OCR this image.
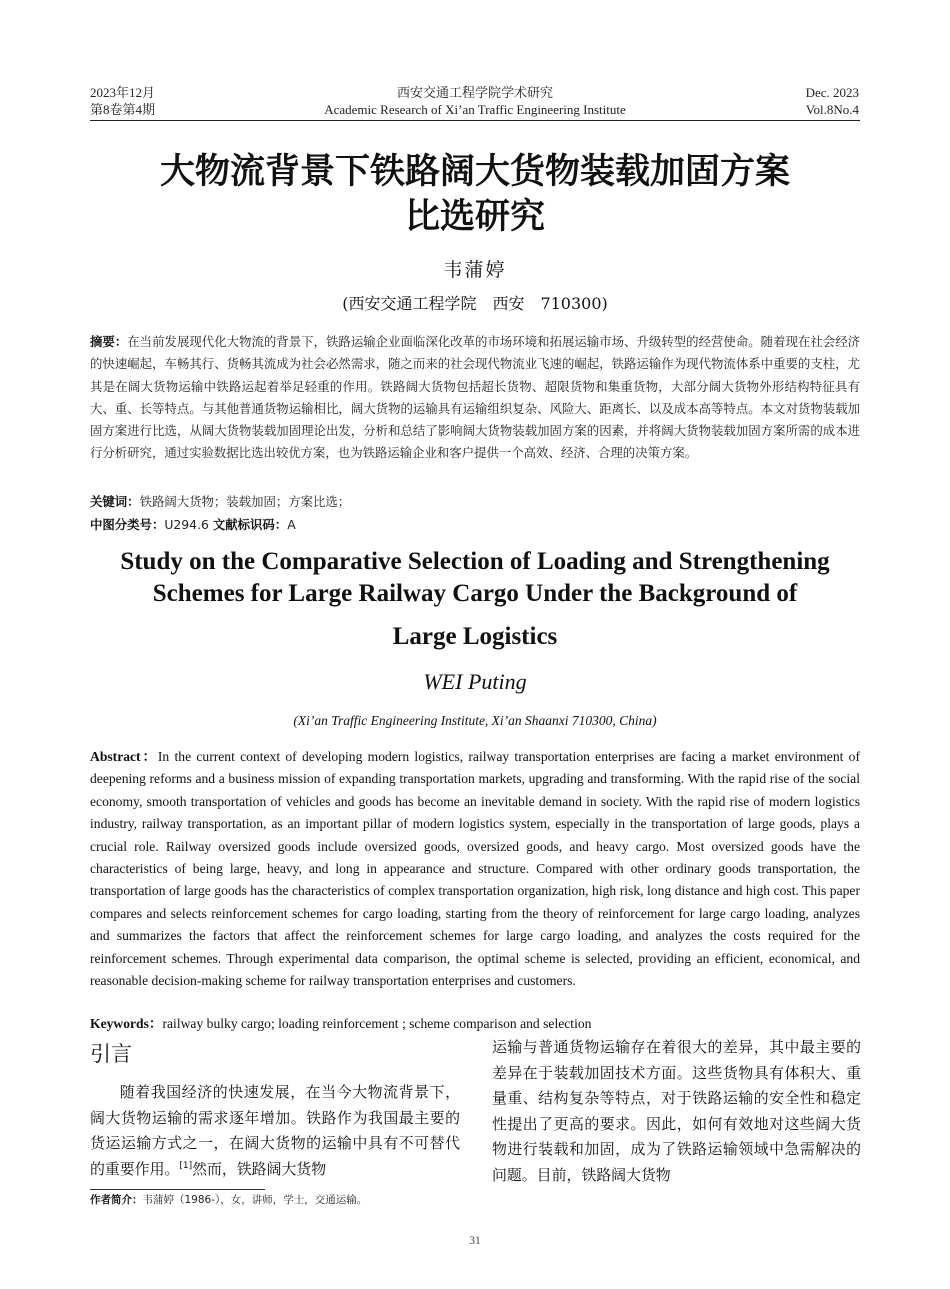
2023年12月
第8卷第4期
西安交通工程学院学术研究
Academic Research of Xi’an Traffic Engineering Institute
Dec. 2023
Vol.8No.4
大物流背景下铁路阔大货物装载加固方案
比选研究
韦蒲婷
(西安交通工程学院　西安　710300)
摘要：在当前发展现代化大物流的背景下，铁路运输企业面临深化改革的市场环境和拓展运输市场、升级转型的经营使命。随着现在社会经济的快速崛起，车畅其行、货畅其流成为社会必然需求，随之而来的社会现代物流业飞速的崛起，铁路运输作为现代物流体系中重要的支柱，尤其是在阔大货物运输中铁路运起着举足轻重的作用。铁路阔大货物包括超长货物、超限货物和集重货物，大部分阔大货物外形结构特征具有大、重、长等特点。与其他普通货物运输相比，阔大货物的运输具有运输组织复杂、风险大、距离长、以及成本高等特点。本文对货物装载加固方案进行比选，从阔大货物装载加固理论出发，分析和总结了影响阔大货物装载加固方案的因素，并将阔大货物装载加固方案所需的成本进行分析研究，通过实验数据比选出较优方案，也为铁路运输企业和客户提供一个高效、经济、合理的决策方案。
关键词：铁路阔大货物；装载加固；方案比选；
中图分类号：U294.6 文献标识码：A
Study on the Comparative Selection of Loading and Strengthening
Schemes for Large Railway Cargo Under the Background of
Large Logistics
WEI Puting
(Xi’an Traffic Engineering Institute, Xi’an Shaanxi 710300, China)
Abstract：In the current context of developing modern logistics, railway transportation enterprises are facing a market environment of deepening reforms and a business mission of expanding transportation markets, upgrading and transforming. With the rapid rise of the social economy, smooth transportation of vehicles and goods has become an inevitable demand in society. With the rapid rise of modern logistics industry, railway transportation, as an important pillar of modern logistics system, especially in the transportation of large goods, plays a crucial role. Railway oversized goods include oversized goods, oversized goods, and heavy cargo. Most oversized goods have the characteristics of being large, heavy, and long in appearance and structure. Compared with other ordinary goods transportation, the transportation of large goods has the characteristics of complex transportation organization, high risk, long distance and high cost. This paper compares and selects reinforcement schemes for cargo loading, starting from the theory of reinforcement for large cargo loading, analyzes and summarizes the factors that affect the reinforcement schemes for large cargo loading, and analyzes the costs required for the reinforcement schemes. Through experimental data comparison, the optimal scheme is selected, providing an efficient, economical, and reasonable decision-making scheme for railway transportation enterprises and customers.
Keywords：railway bulky cargo; loading reinforcement ; scheme comparison and selection
引言
随着我国经济的快速发展，在当今大物流背景下，阔大货物运输的需求逐年增加。铁路作为我国最主要的货运运输方式之一，在阔大货物的运输中具有不可替代的重要作用。[1]然而，铁路阔大货物
运输与普通货物运输存在着很大的差异，其中最主要的差异在于装载加固技术方面。这些货物具有体积大、重量重、结构复杂等特点，对于铁路运输的安全性和稳定性提出了更高的要求。因此，如何有效地对这些阔大货物进行装载和加固，成为了铁路运输领域中急需解决的问题。目前，铁路阔大货物
作者简介：韦蒲婷（1986-），女，讲师，学士，交通运输。
31
